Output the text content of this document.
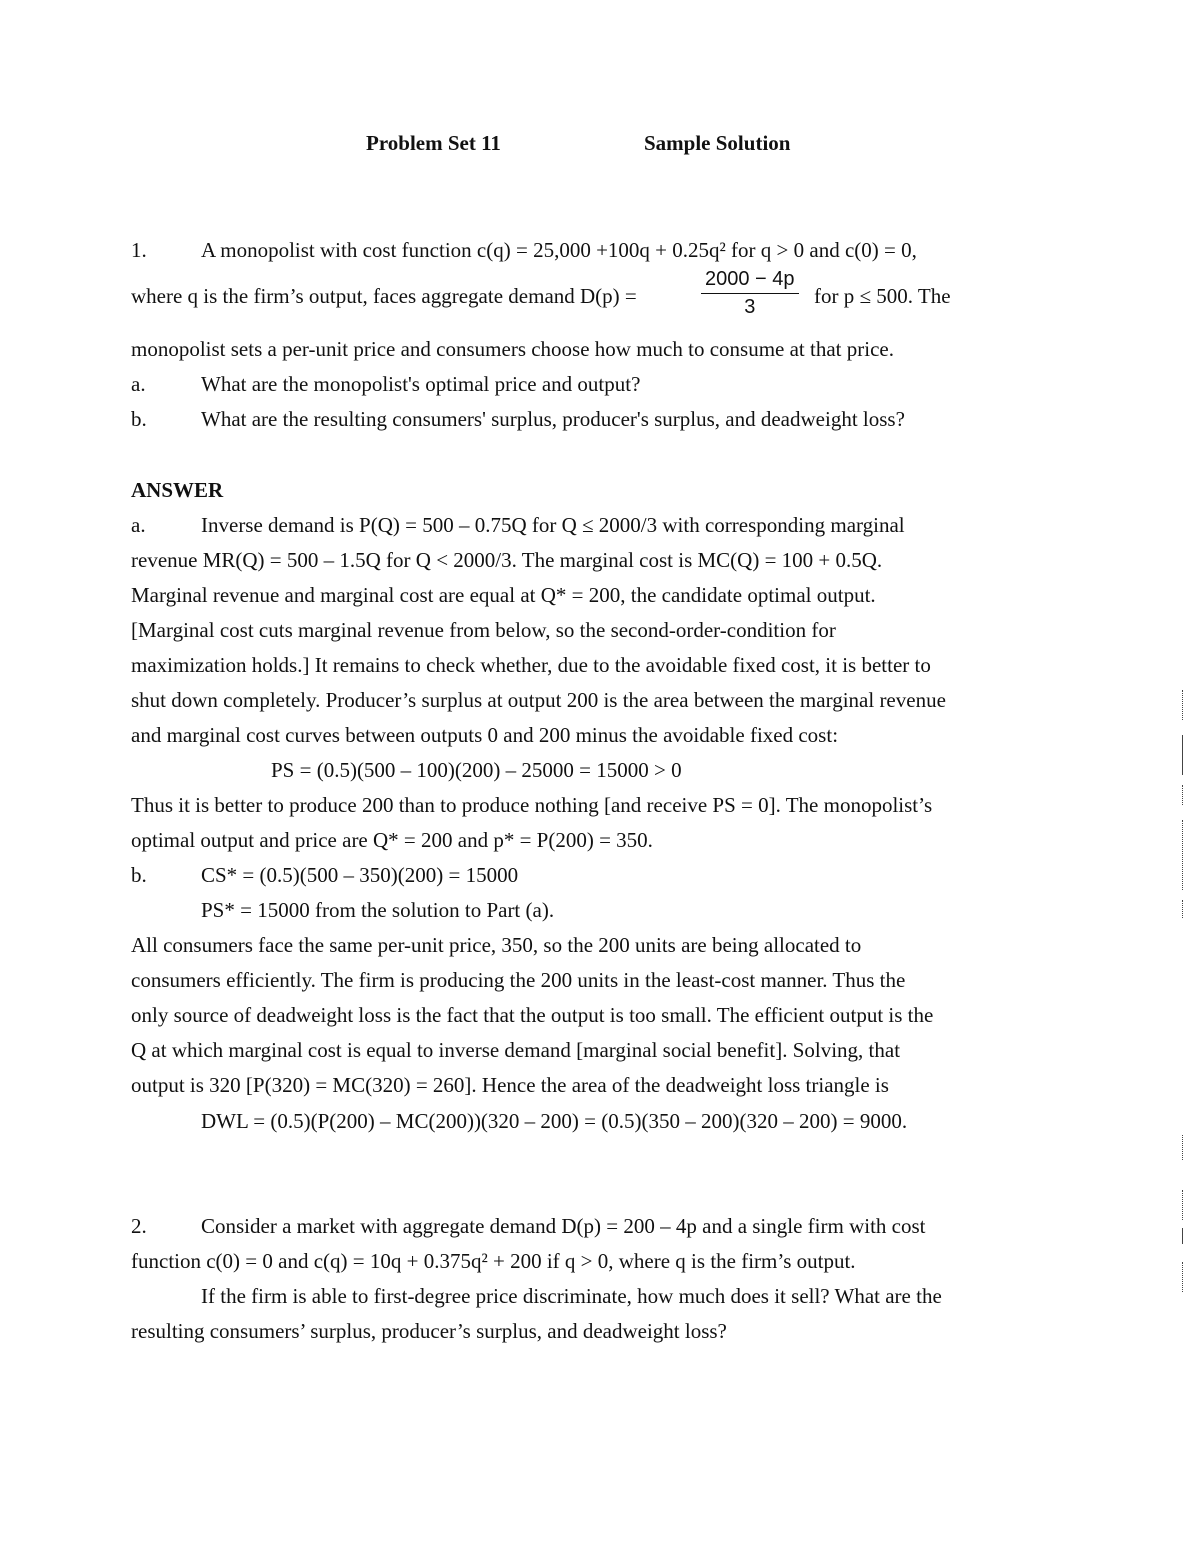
Problem Set 11	Sample Solution
1.	A monopolist with cost function c(q) = 25,000 +100q + 0.25q² for q > 0 and c(0) = 0,
where q is the firm’s output, faces aggregate demand D(p) =	$\frac{2000 - 4p}{3}$ for p ≤ 500. The
monopolist sets a per-unit price and consumers choose how much to consume at that price.
a.	What are the monopolist's optimal price and output?
b.	What are the resulting consumers' surplus, producer's surplus, and deadweight loss?
ANSWER
a.	Inverse demand is P(Q) = 500 – 0.75Q for Q ≤ 2000/3 with corresponding marginal
revenue MR(Q) = 500 – 1.5Q for Q < 2000/3. The marginal cost is MC(Q) = 100 + 0.5Q.
Marginal revenue and marginal cost are equal at Q* = 200, the candidate optimal output.
[Marginal cost cuts marginal revenue from below, so the second-order-condition for
maximization holds.] It remains to check whether, due to the avoidable fixed cost, it is better to
shut down completely. Producer’s surplus at output 200 is the area between the marginal revenue
and marginal cost curves between outputs 0 and 200 minus the avoidable fixed cost:
PS = (0.5)(500 – 100)(200) – 25000 = 15000 > 0
Thus it is better to produce 200 than to produce nothing [and receive PS = 0]. The monopolist’s
optimal output and price are Q* = 200 and p* = P(200) = 350.
b.	CS* = (0.5)(500 – 350)(200) = 15000
PS* = 15000 from the solution to Part (a).
All consumers face the same per-unit price, 350, so the 200 units are being allocated to
consumers efficiently. The firm is producing the 200 units in the least-cost manner. Thus the
only source of deadweight loss is the fact that the output is too small. The efficient output is the
Q at which marginal cost is equal to inverse demand [marginal social benefit]. Solving, that
output is 320 [P(320) = MC(320) = 260]. Hence the area of the deadweight loss triangle is
DWL = (0.5)(P(200) – MC(200))(320 – 200) = (0.5)(350 – 200)(320 – 200) = 9000.
2.	Consider a market with aggregate demand D(p) = 200 – 4p and a single firm with cost
function c(0) = 0 and c(q) = 10q + 0.375q² + 200 if q > 0, where q is the firm’s output.
If the firm is able to first-degree price discriminate, how much does it sell? What are the
resulting consumers’ surplus, producer’s surplus, and deadweight loss?
